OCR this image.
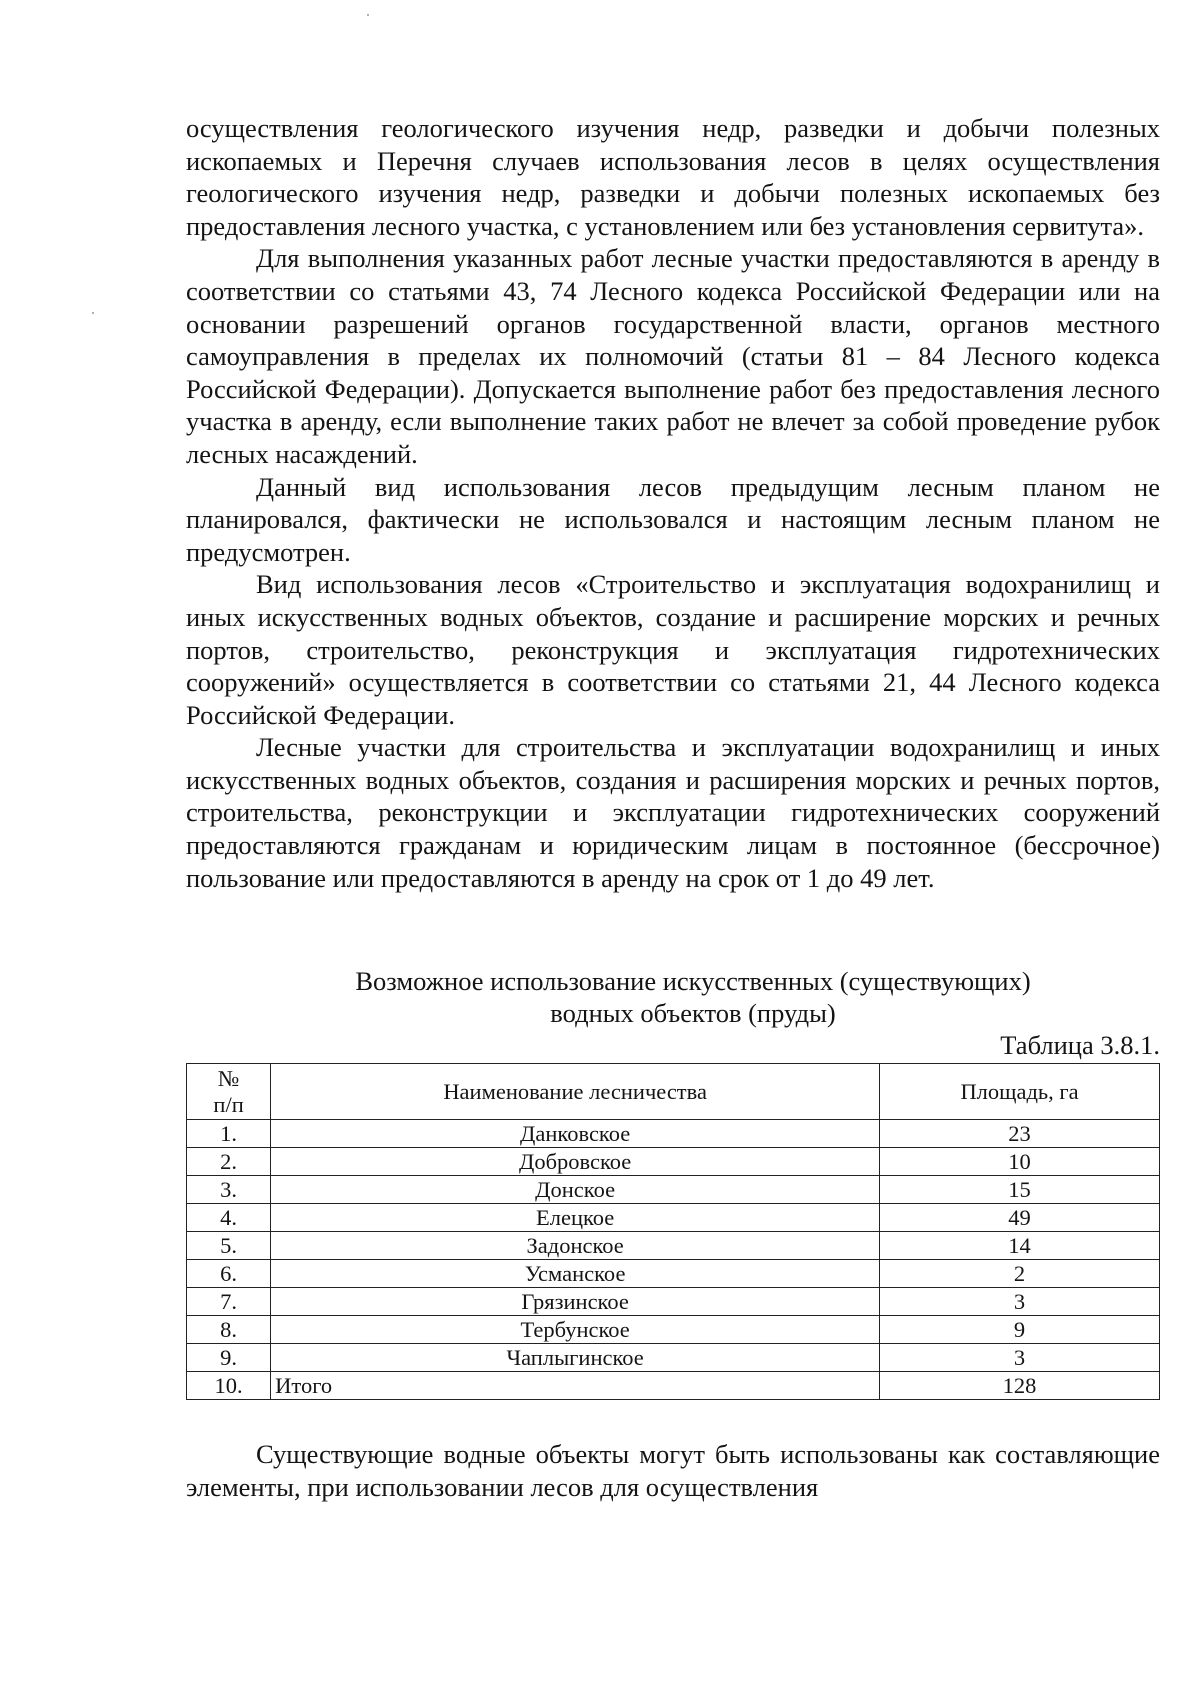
осуществления геологического изучения недр, разведки и добычи полезных ископаемых и Перечня случаев использования лесов в целях осуществления геологического изучения недр, разведки и добычи полезных ископаемых без предоставления лесного участка, с установлением или без установления сервитута».

Для выполнения указанных работ лесные участки предоставляются в аренду в соответствии со статьями 43, 74 Лесного кодекса Российской Федерации или на основании разрешений органов государственной власти, органов местного самоуправления в пределах их полномочий (статьи 81 – 84 Лесного кодекса Российской Федерации). Допускается выполнение работ без предоставления лесного участка в аренду, если выполнение таких работ не влечет за собой проведение рубок лесных насаждений.

Данный вид использования лесов предыдущим лесным планом не планировался, фактически не использовался и настоящим лесным планом не предусмотрен.

Вид использования лесов «Строительство и эксплуатация водохранилищ и иных искусственных водных объектов, создание и расширение морских и речных портов, строительство, реконструкция и эксплуатация гидротехнических сооружений» осуществляется в соответствии со статьями 21, 44 Лесного кодекса Российской Федерации.

Лесные участки для строительства и эксплуатации водохранилищ и иных искусственных водных объектов, создания и расширения морских и речных портов, строительства, реконструкции и эксплуатации гидротехнических сооружений предоставляются гражданам и юридическим лицам в постоянное (бессрочное) пользование или предоставляются в аренду на срок от 1 до 49 лет.

Возможное использование искусственных (существующих)

водных объектов (пруды)

Таблица 3.8.1.

№
п/п	Наименование лесничества	Площадь, га
1.	Данковское	23
2.	Добровское	10
3.	Донское	15
4.	Елецкое	49
5.	Задонское	14
6.	Усманское	2
7.	Грязинское	3
8.	Тербунское	9
9.	Чаплыгинское	3
10.	Итого	128

Существующие водные объекты могут быть использованы как составляющие элементы, при использовании лесов для осуществления
